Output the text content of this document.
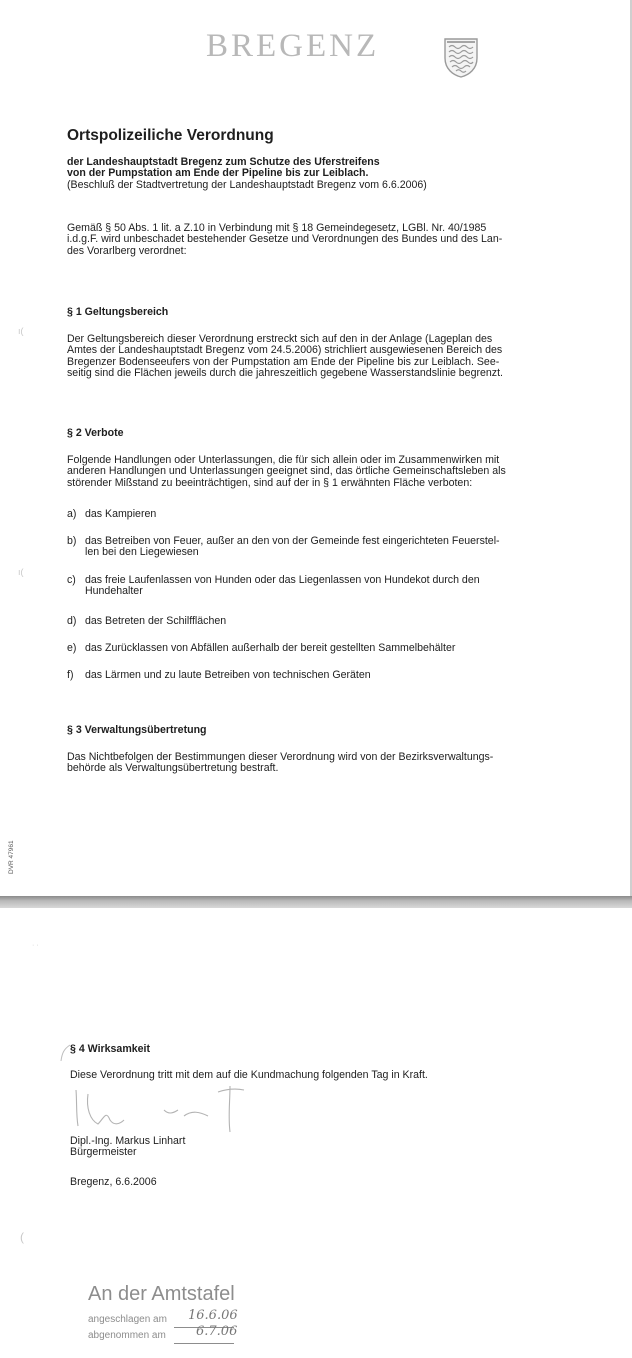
BREGENZ
Ortspolizeiliche Verordnung
der Landeshauptstadt Bregenz zum Schutze des Uferstreifens
von der Pumpstation am Ende der Pipeline bis zur Leiblach.
(Beschluß der Stadtvertretung der Landeshauptstadt Bregenz vom 6.6.2006)
Gemäß § 50 Abs. 1 lit. a Z.10 in Verbindung mit § 18 Gemeindegesetz, LGBl. Nr. 40/1985
i.d.g.F. wird unbeschadet bestehender Gesetze und Verordnungen des Bundes und des Lan-
des Vorarlberg verordnet:
§ 1 Geltungsbereich
Der Geltungsbereich dieser Verordnung erstreckt sich auf den in der Anlage (Lageplan des
Amtes der Landeshauptstadt Bregenz vom 24.5.2006) strichliert ausgewiesenen Bereich des
Bregenzer Bodenseeufers von der Pumpstation am Ende der Pipeline bis zur Leiblach. See-
seitig sind die Flächen jeweils durch die jahreszeitlich gegebene Wasserstandslinie begrenzt.
§ 2 Verbote
Folgende Handlungen oder Unterlassungen, die für sich allein oder im Zusammenwirken mit
anderen Handlungen und Unterlassungen geeignet sind, das örtliche Gemeinschaftsleben als
störender Mißstand zu beeinträchtigen, sind auf der in § 1 erwähnten Fläche verboten:
a) das Kampieren
b) das Betreiben von Feuer, außer an den von der Gemeinde fest eingerichteten Feuerstel-
len bei den Liegewiesen
c) das freie Laufenlassen von Hunden oder das Liegenlassen von Hundekot durch den
Hundehalter
d) das Betreten der Schilfflächen
e) das Zurücklassen von Abfällen außerhalb der bereit gestellten Sammelbehälter
f) das Lärmen und zu laute Betreiben von technischen Geräten
§ 3 Verwaltungsübertretung
Das Nichtbefolgen der Bestimmungen dieser Verordnung wird von der Bezirksverwaltungs-
behörde als Verwaltungsübertretung bestraft.
ı(
ı(
DVR 47961
§ 4 Wirksamkeit
Diese Verordnung tritt mit dem auf die Kundmachung folgenden Tag in Kraft.
Dipl.-Ing. Markus Linhart
Bürgermeister
Bregenz, 6.6.2006
(
· ·
An der Amtstafel
angeschlagen am 16.6.06
abgenommen am 6.7.06
